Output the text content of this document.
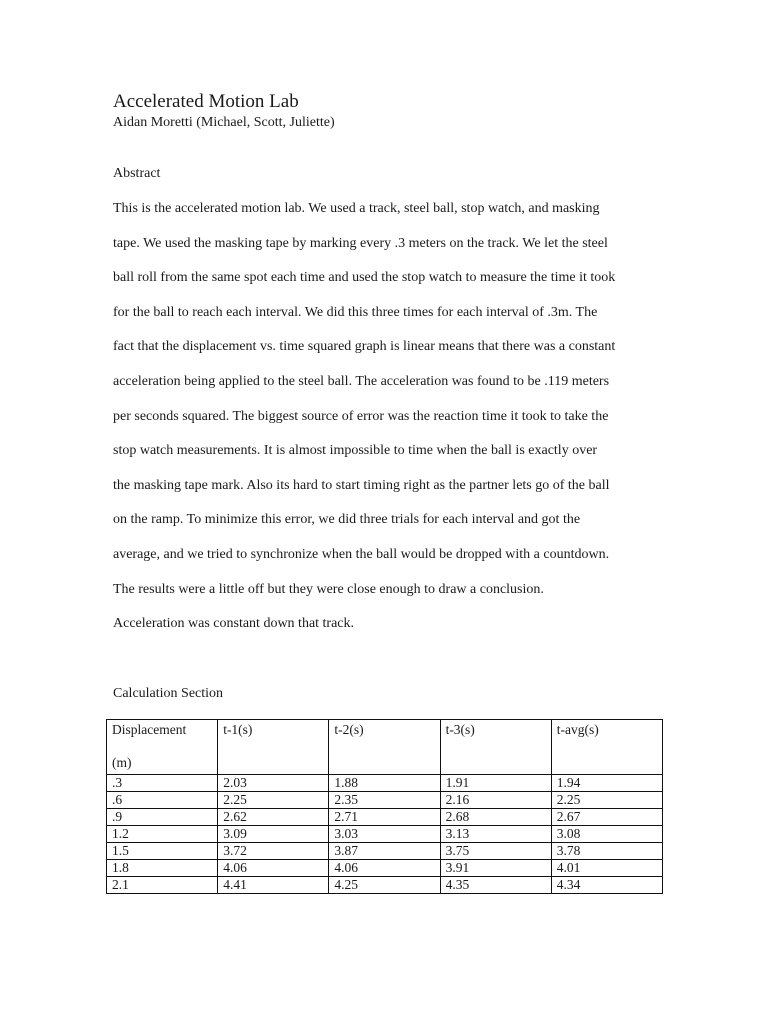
Accelerated Motion Lab
Aidan Moretti (Michael, Scott, Juliette)
Abstract
This is the accelerated motion lab. We used a track, steel ball, stop watch, and masking
tape. We used the masking tape by marking every .3 meters on the track. We let the steel
ball roll from the same spot each time and used the stop watch to measure the time it took
for the ball to reach each interval. We did this three times for each interval of .3m. The
fact that the displacement vs. time squared graph is linear means that there was a constant
acceleration being applied to the steel ball. The acceleration was found to be .119 meters
per seconds squared. The biggest source of error was the reaction time it took to take the
stop watch measurements. It is almost impossible to time when the ball is exactly over
the masking tape mark. Also its hard to start timing right as the partner lets go of the ball
on the ramp. To minimize this error, we did three trials for each interval and got the
average, and we tried to synchronize when the ball would be dropped with a countdown.
The results were a little off but they were close enough to draw a conclusion.
Acceleration was constant down that track.
Calculation Section
Displacement
(m)	t-1(s)	t-2(s)	t-3(s)	t-avg(s)
.3	2.03	1.88	1.91	1.94
.6	2.25	2.35	2.16	2.25
.9	2.62	2.71	2.68	2.67
1.2	3.09	3.03	3.13	3.08
1.5	3.72	3.87	3.75	3.78
1.8	4.06	4.06	3.91	4.01
2.1	4.41	4.25	4.35	4.34
